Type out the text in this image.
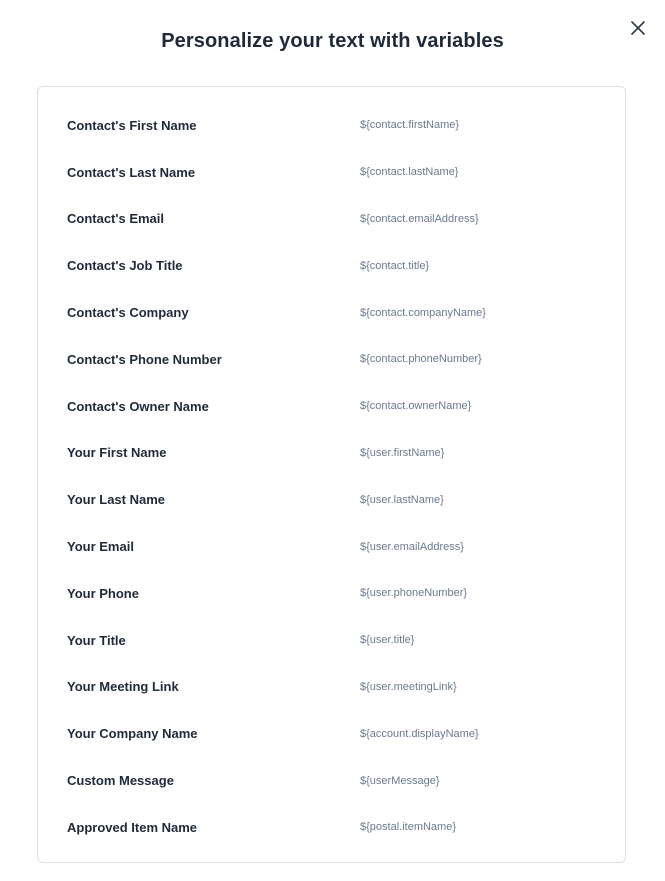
Personalize your text with variables
Contact's First Name	${contact.firstName}
Contact's Last Name	${contact.lastName}
Contact's Email	${contact.emailAddress}
Contact's Job Title	${contact.title}
Contact's Company	${contact.companyName}
Contact's Phone Number	${contact.phoneNumber}
Contact's Owner Name	${contact.ownerName}
Your First Name	${user.firstName}
Your Last Name	${user.lastName}
Your Email	${user.emailAddress}
Your Phone	${user.phoneNumber}
Your Title	${user.title}
Your Meeting Link	${user.meetingLink}
Your Company Name	${account.displayName}
Custom Message	${userMessage}
Approved Item Name	${postal.itemName}
